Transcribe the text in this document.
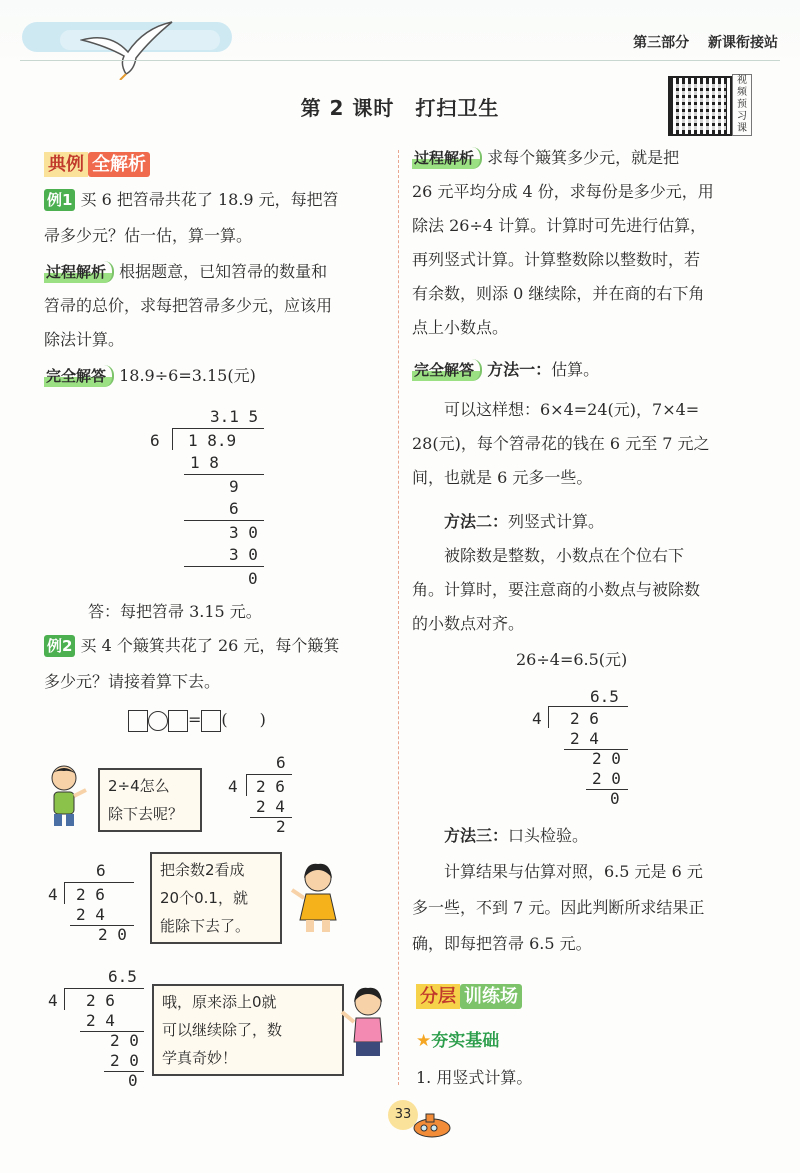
第三部分　 新课衔接站
第 2 课时　打扫卫生
视
频
预
习
课
典例 全解析
例1 买 6 把笤帚共花了 18.9 元，每把笤
帚多少元？估一估，算一算。
过程解析 根据题意，已知笤帚的数量和
笤帚的总价，求每把笤帚多少元，应该用
除法计算。
完全解答 18.9÷6=3.15(元)
3.1 5
6 1 8.9
1 8
9
6
3 0
3 0
0
答：每把笤帚 3.15 元。
例2 买 4 个簸箕共花了 26 元，每个簸箕
多少元？请接着算下去。
= (　　)
2÷4怎么
除下去呢？
6
4 2 6
2 4
2
6
4 2 6
2 4
2 0
把余数2看成
20个0.1，就
能除下去了。
6.5
4 2 6
2 4
2 0
2 0
0
哦，原来添上0就
可以继续除了，数
学真奇妙！
过程解析 求每个簸箕多少元，就是把
26 元平均分成 4 份，求每份是多少元，用
除法 26÷4 计算。计算时可先进行估算，
再列竖式计算。计算整数除以整数时，若
有余数，则添 0 继续除，并在商的右下角
点上小数点。
完全解答 方法一：估算。
可以这样想：6×4=24(元)，7×4=
28(元)，每个笤帚花的钱在 6 元至 7 元之
间，也就是 6 元多一些。
方法二：列竖式计算。
被除数是整数，小数点在个位右下
角。计算时，要注意商的小数点与被除数
的小数点对齐。
26÷4=6.5(元)
6.5
4 2 6
2 4
2 0
2 0
0
方法三：口头检验。
计算结果与估算对照，6.5 元是 6 元
多一些，不到 7 元。因此判断所求结果正
确，即每把笤帚 6.5 元。
分层 训练场
★夯实基础
1. 用竖式计算。
33
